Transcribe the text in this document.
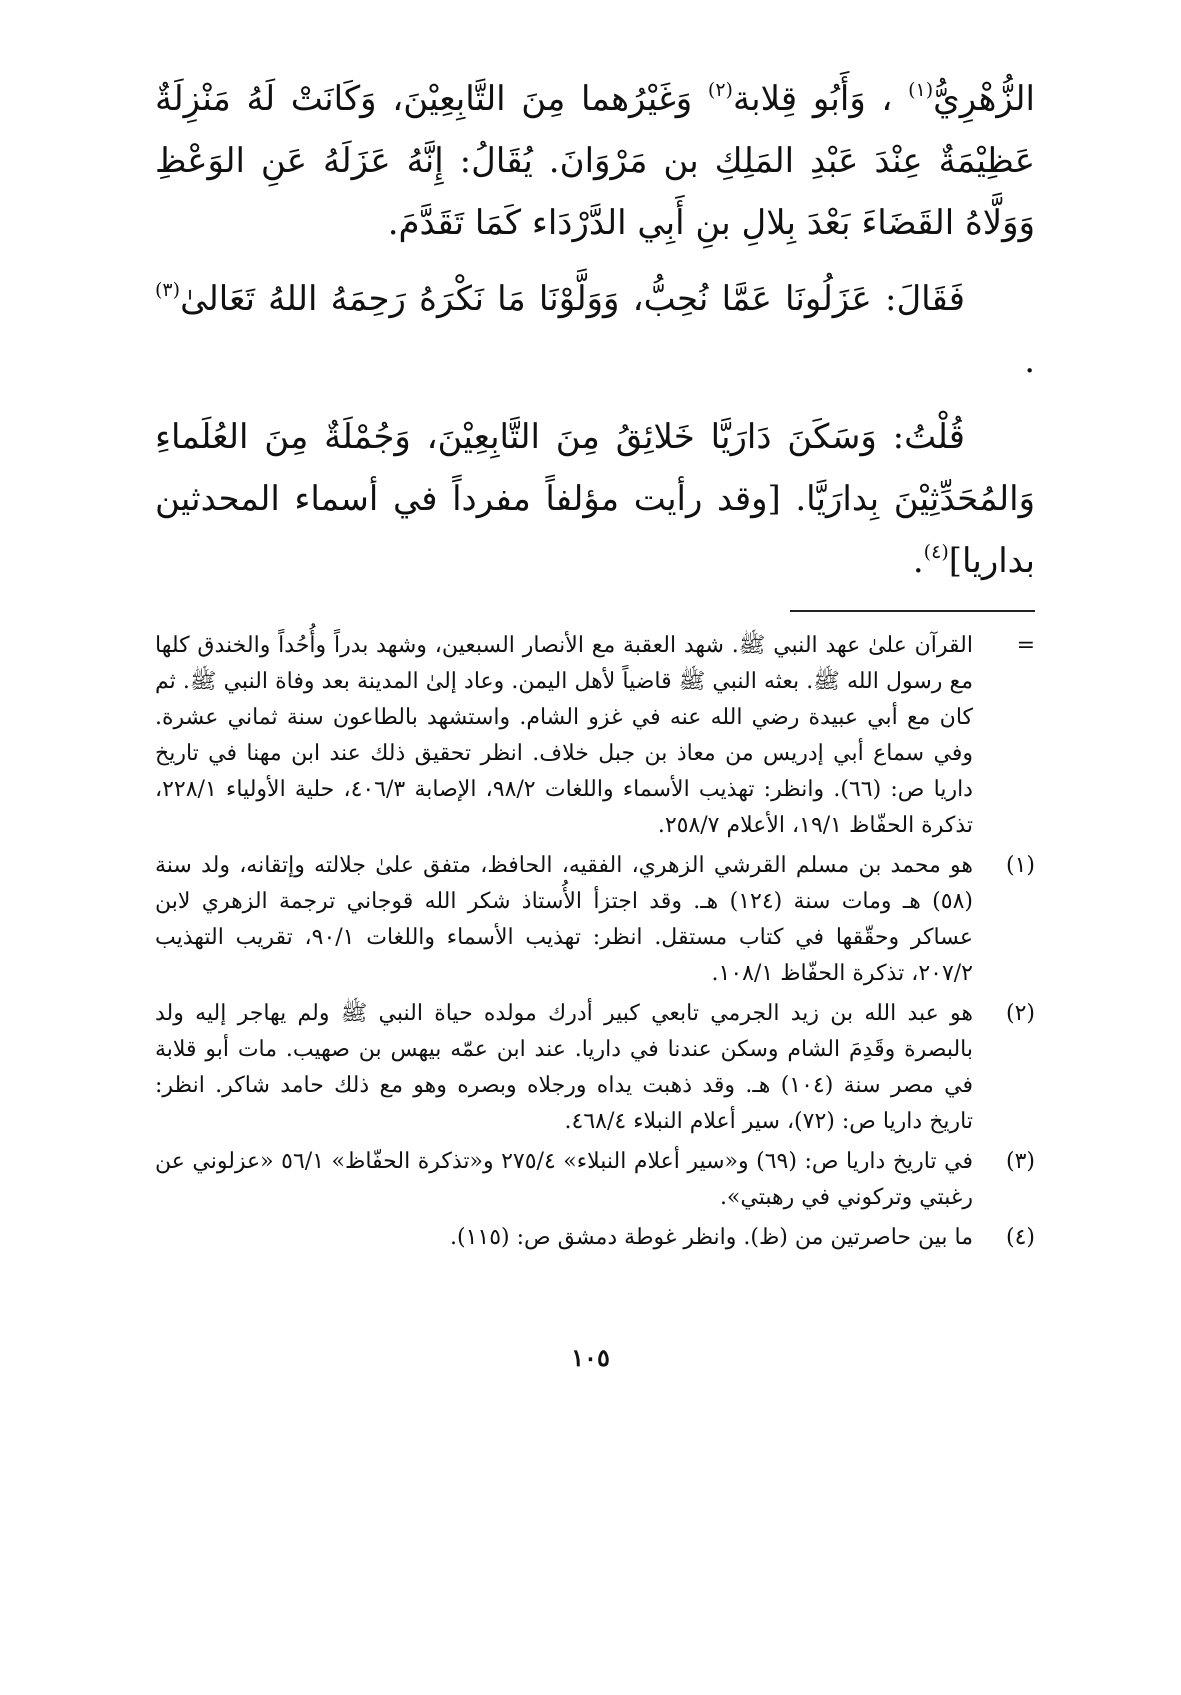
الزُّهْرِيُّ$^{(١)}$ ، وَأَبُو قِلابة$^{(٢)}$ وَغَيْرُهما مِنَ التَّابِعِيْنَ، وَكَانَتْ لَهُ مَنْزِلَةٌ عَظِيْمَةٌ عِنْدَ عَبْدِ المَلِكِ بن مَرْوَانَ. يُقَالُ: إِنَّهُ عَزَلَهُ عَنِ الوَعْظِ وَوَلَّاهُ القَضَاءَ بَعْدَ بِلالِ بنِ أَبِي الدَّرْدَاء كَمَا تَقَدَّمَ.

فَقَالَ: عَزَلُونَا عَمَّا نُحِبُّ، وَوَلَّوْنَا مَا نَكْرَهُ رَحِمَهُ اللهُ تَعَالىٰ$^{(٣)}$ .

قُلْتُ: وَسَكَنَ دَارَيَّا خَلائِقُ مِنَ التَّابِعِيْنَ، وَجُمْلَةٌ مِنَ العُلَماءِ وَالمُحَدِّثِيْنَ بِدارَيَّا. [وقد رأيت مؤلفاً مفرداً في أسماء المحدثين بداريا]$^{(٤)}$.

=
القرآن علىٰ عهد النبي ﷺ. شهد العقبة مع الأنصار السبعين، وشهد بدراً وأُحُداً والخندق كلها مع رسول الله ﷺ. بعثه النبي ﷺ قاضياً لأهل اليمن. وعاد إلىٰ المدينة بعد وفاة النبي ﷺ. ثم كان مع أبي عبيدة رضي الله عنه في غزو الشام. واستشهد بالطاعون سنة ثماني عشرة. وفي سماع أبي إدريس من معاذ بن جبل خلاف. انظر تحقيق ذلك عند ابن مهنا في تاريخ داريا ص: (٦٦). وانظر: تهذيب الأسماء واللغات ٩٨/٢، الإصابة ٤٠٦/٣، حلية الأولياء ٢٢٨/١، تذكرة الحفّاظ ١٩/١، الأعلام ٢٥٨/٧.
(١)
هو محمد بن مسلم القرشي الزهري، الفقيه، الحافظ، متفق علىٰ جلالته وإتقانه، ولد سنة (٥٨) هـ ومات سنة (١٢٤) هـ. وقد اجتزأ الأُستاذ شكر الله قوجاني ترجمة الزهري لابن عساكر وحقّقها في كتاب مستقل. انظر: تهذيب الأسماء واللغات ٩٠/١، تقريب التهذيب ٢٠٧/٢، تذكرة الحفّاظ ١٠٨/١.
(٢)
هو عبد الله بن زيد الجرمي تابعي كبير أدرك مولده حياة النبي ﷺ ولم يهاجر إليه ولد بالبصرة وقَدِمَ الشام وسكن عندنا في داريا. عند ابن عمّه بيهس بن صهيب. مات أبو قلابة في مصر سنة (١٠٤) هـ. وقد ذهبت يداه ورجلاه وبصره وهو مع ذلك حامد شاكر. انظر: تاريخ داريا ص: (٧٢)، سير أعلام النبلاء ٤٦٨/٤.
(٣)
في تاريخ داريا ص: (٦٩) و«سير أعلام النبلاء» ٢٧٥/٤ و«تذكرة الحفّاظ» ٥٦/١ «عزلوني عن رغبتي وتركوني في رهبتي».
(٤)
ما بين حاصرتين من (ظ). وانظر غوطة دمشق ص: (١١٥).
١٠٥
